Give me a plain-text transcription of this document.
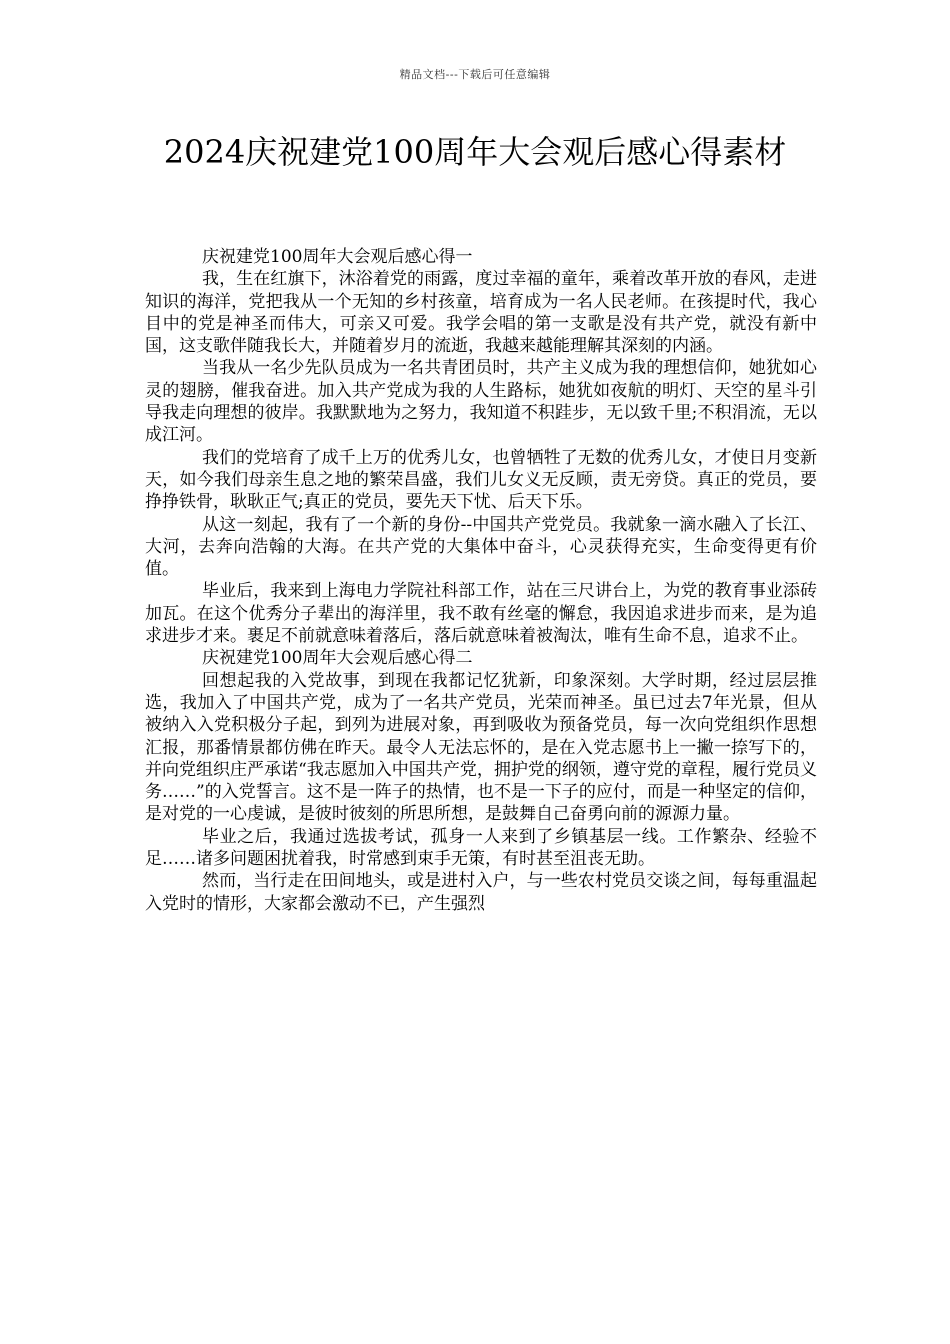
精品文档---下载后可任意编辑
2024庆祝建党100周年大会观后感心得素材

庆祝建党100周年大会观后感心得一

我，生在红旗下，沐浴着党的雨露，度过幸福的童年，乘着改革开放的春风，走进知识的海洋，党把我从一个无知的乡村孩童，培育成为一名人民老师。在孩提时代，我心目中的党是神圣而伟大，可亲又可爱。我学会唱的第一支歌是没有共产党，就没有新中国，这支歌伴随我长大，并随着岁月的流逝，我越来越能理解其深刻的内涵。

当我从一名少先队员成为一名共青团员时，共产主义成为我的理想信仰，她犹如心灵的翅膀，催我奋进。加入共产党成为我的人生路标，她犹如夜航的明灯、天空的星斗引导我走向理想的彼岸。我默默地为之努力，我知道不积跬步，无以致千里;不积涓流，无以成江河。

我们的党培育了成千上万的优秀儿女，也曾牺牲了无数的优秀儿女，才使日月变新天，如今我们母亲生息之地的繁荣昌盛，我们儿女义无反顾，责无旁贷。真正的党员，要挣挣铁骨，耿耿正气;真正的党员，要先天下忧、后天下乐。

从这一刻起，我有了一个新的身份--中国共产党党员。我就象一滴水融入了长江、大河，去奔向浩翰的大海。在共产党的大集体中奋斗，心灵获得充实，生命变得更有价值。

毕业后，我来到上海电力学院社科部工作，站在三尺讲台上，为党的教育事业添砖加瓦。在这个优秀分子辈出的海洋里，我不敢有丝毫的懈怠，我因追求进步而来，是为追求进步才来。裹足不前就意味着落后，落后就意味着被淘汰，唯有生命不息，追求不止。

庆祝建党100周年大会观后感心得二

回想起我的入党故事，到现在我都记忆犹新，印象深刻。大学时期，经过层层推选，我加入了中国共产党，成为了一名共产党员，光荣而神圣。虽已过去7年光景，但从被纳入入党积极分子起，到列为进展对象，再到吸收为预备党员，每一次向党组织作思想汇报，那番情景都仿佛在昨天。最令人无法忘怀的，是在入党志愿书上一撇一捺写下的，并向党组织庄严承诺“我志愿加入中国共产党，拥护党的纲领，遵守党的章程，履行党员义务……”的入党誓言。这不是一阵子的热情，也不是一下子的应付，而是一种坚定的信仰，是对党的一心虔诚，是彼时彼刻的所思所想，是鼓舞自己奋勇向前的源源力量。

毕业之后，我通过选拔考试，孤身一人来到了乡镇基层一线。工作繁杂、经验不足……诸多问题困扰着我，时常感到束手无策，有时甚至沮丧无助。

然而，当行走在田间地头，或是进村入户，与一些农村党员交谈之间，每每重温起入党时的情形，大家都会激动不已，产生强烈
